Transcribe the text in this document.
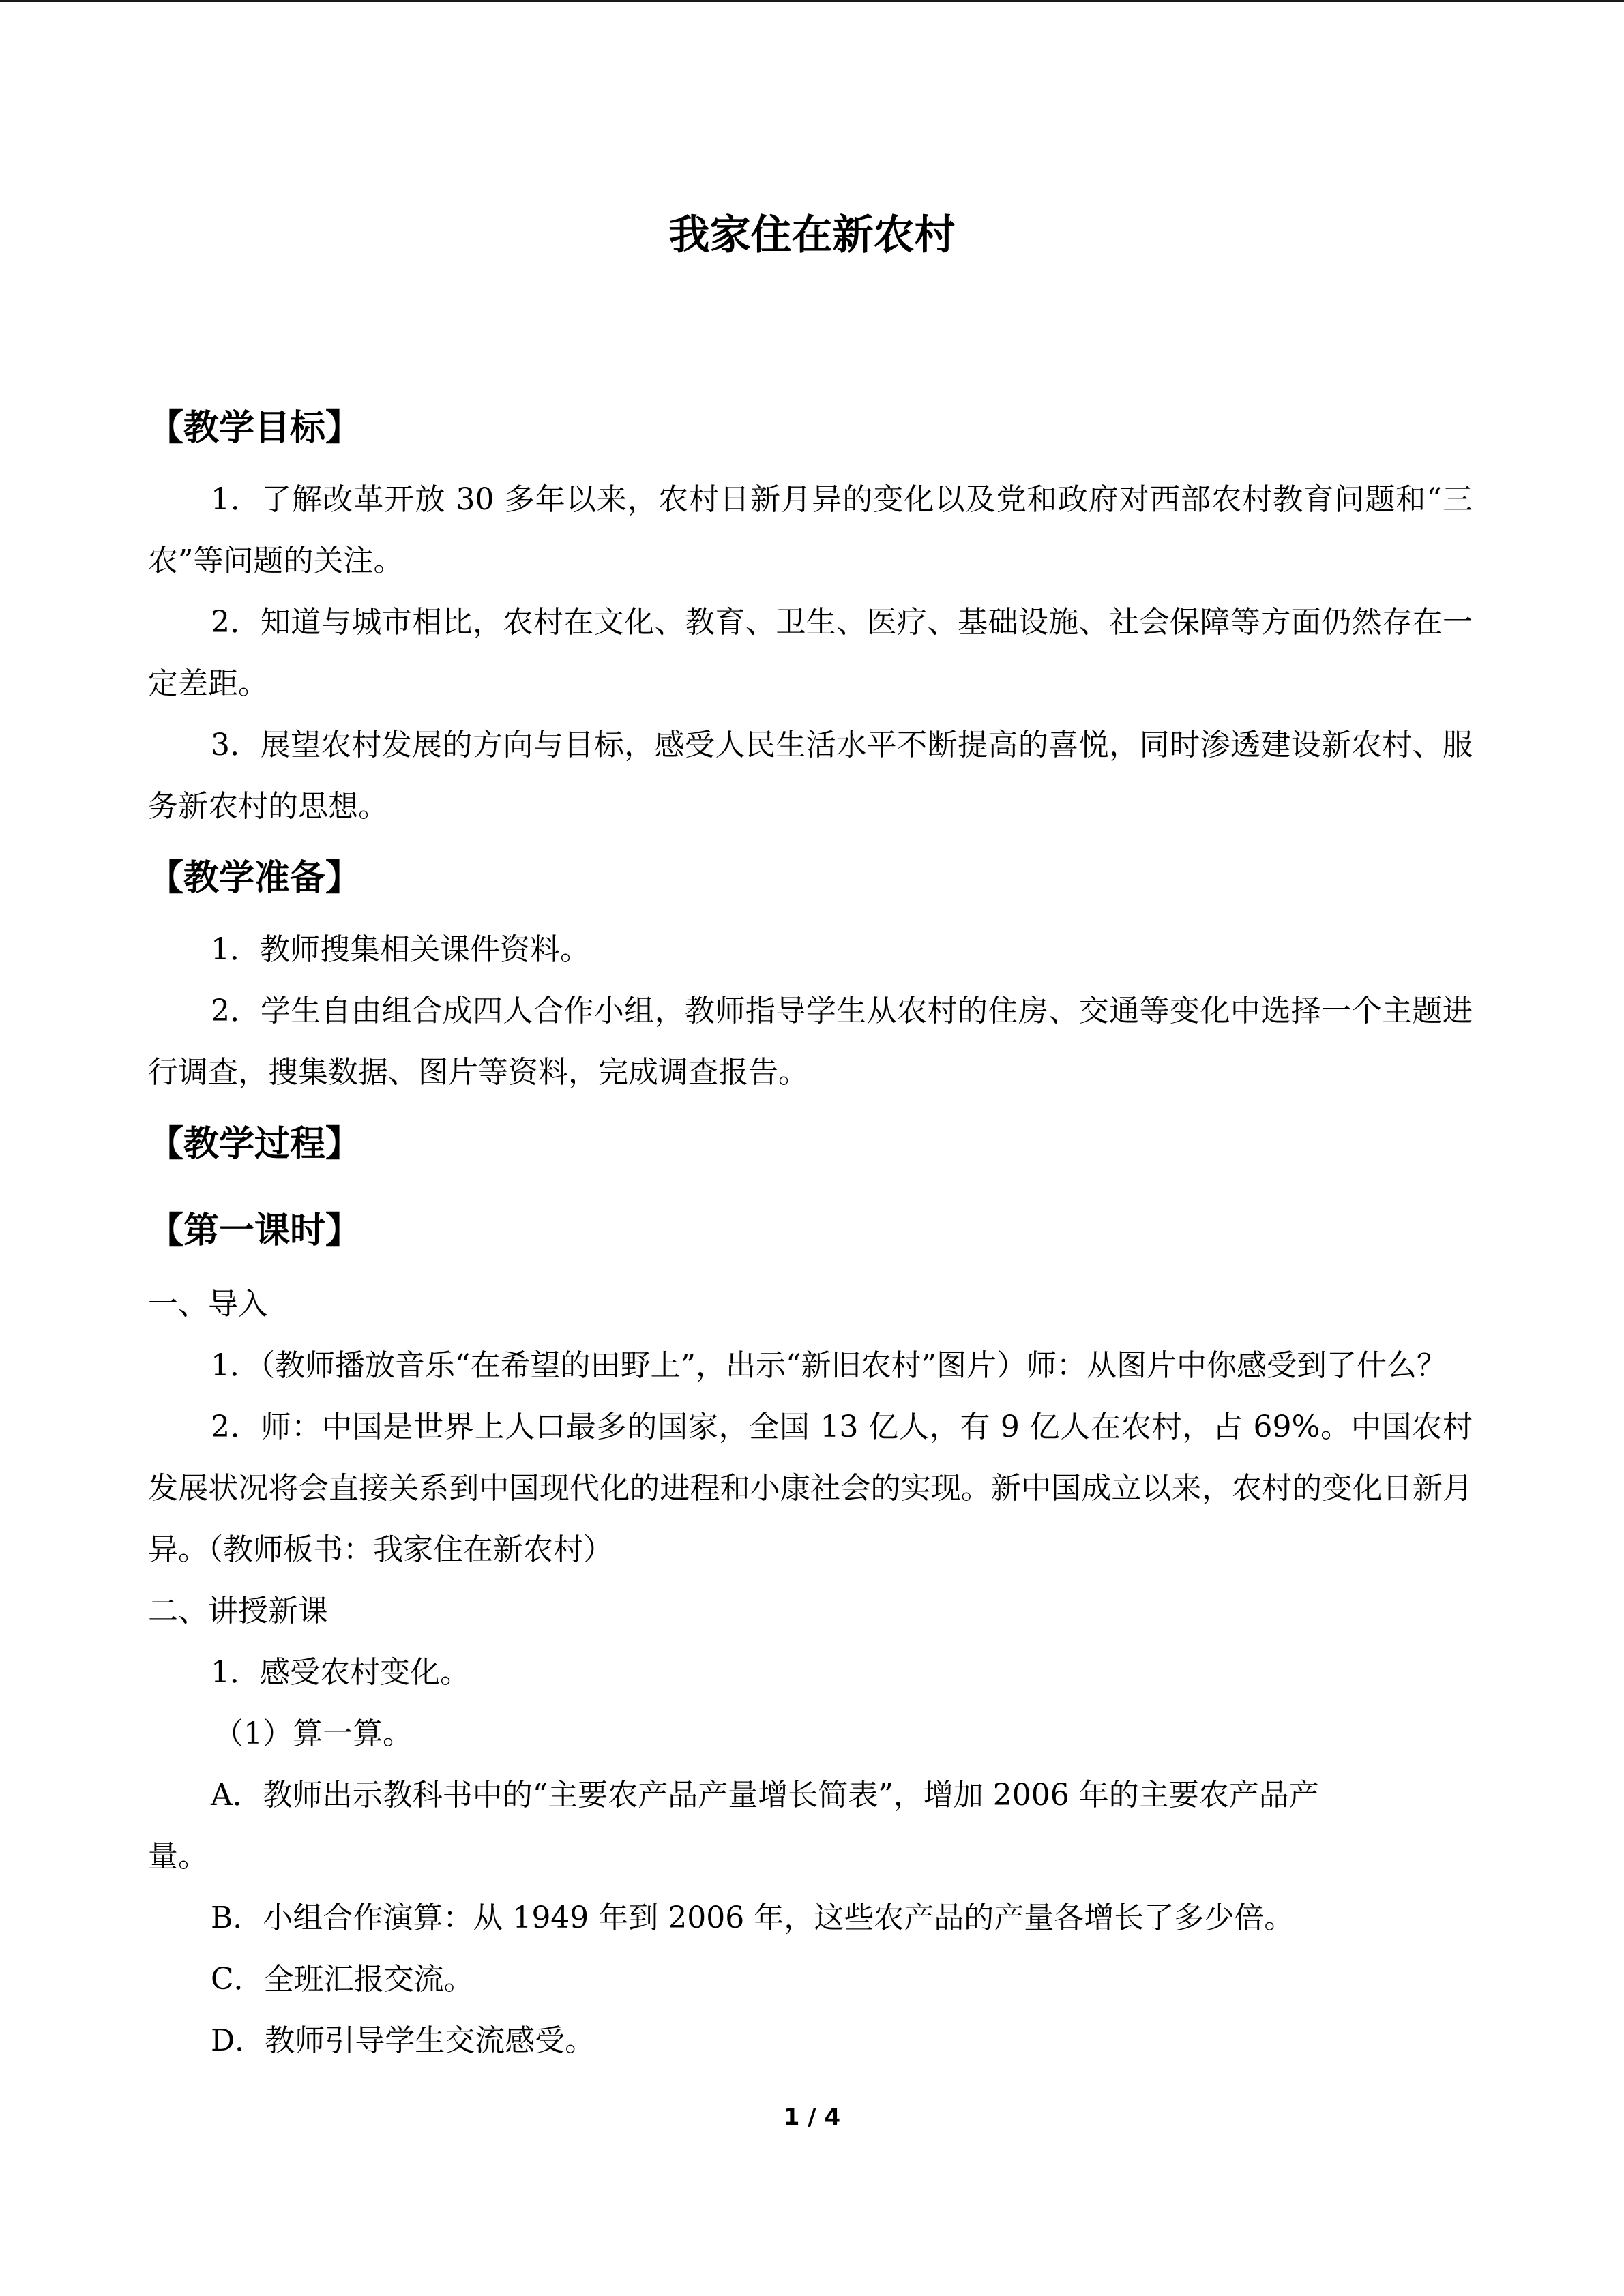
我家住在新农村
【教学目标】
1．了解改革开放 30 多年以来，农村日新月异的变化以及党和政府对西部农村教育问题和“三农”等问题的关注。
2．知道与城市相比，农村在文化、教育、卫生、医疗、基础设施、社会保障等方面仍然存在一定差距。
3．展望农村发展的方向与目标，感受人民生活水平不断提高的喜悦，同时渗透建设新农村、服务新农村的思想。
【教学准备】
1．教师搜集相关课件资料。
2．学生自由组合成四人合作小组，教师指导学生从农村的住房、交通等变化中选择一个主题进行调查，搜集数据、图片等资料，完成调查报告。
【教学过程】
【第一课时】
一、导入
1．（教师播放音乐“在希望的田野上”，出示“新旧农村”图片）师：从图片中你感受到了什么？
2．师：中国是世界上人口最多的国家，全国 13 亿人，有 9 亿人在农村，占 69%。中国农村发展状况将会直接关系到中国现代化的进程和小康社会的实现。新中国成立以来，农村的变化日新月异。（教师板书：我家住在新农村）
二、讲授新课
1．感受农村变化。
（1）算一算。
A．教师出示教科书中的“主要农产品产量增长简表”，增加 2006 年的主要农产品产
量。
B．小组合作演算：从 1949 年到 2006 年，这些农产品的产量各增长了多少倍。
C．全班汇报交流。
D．教师引导学生交流感受。
1 / 4
